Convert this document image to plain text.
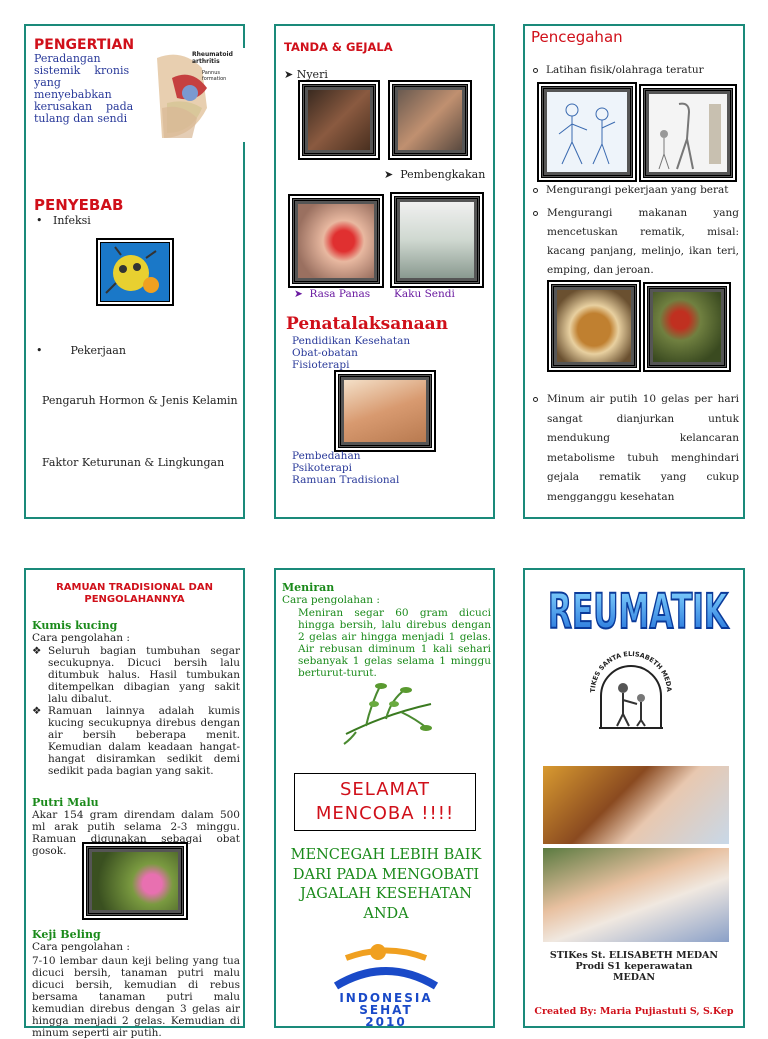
PENGERTIAN
Peradangan
sistemik    kronis
yang
menyebabkan
kerusakan    pada
tulang dan sendi
Rheumatoid arthritis
Pannus formation
PENYEBAB
•   Infeksi
•        Pekerjaan
Pengaruh Hormon & Jenis Kelamin
Faktor Keturunan & Lingkungan
TANDA & GEJALA
➤ Nyeri
➤  Pembengkakan
➤  Rasa Panas Kaku Sendi
Penatalaksanaan
Pendidikan Kesehatan
Obat-obatan
Fisioterapi
Pembedahan
Psikoterapi
Ramuan Tradisional
Pencegahan
Latihan fisik/olahraga teratur
Mengurangi pekerjaan yang berat
Mengurangi makanan yang mencetuskan rematik, misal: kacang panjang, melinjo, ikan teri, emping, dan jeroan.
Minum air putih 10 gelas per hari sangat dianjurkan untuk mendukung kelancaran metabolisme tubuh menghindari gejala rematik yang cukup mengganggu kesehatan
RAMUAN TRADISIONAL DAN
PENGOLAHANNYA
Kumis kucing
Cara pengolahan :
❖ Seluruh bagian tumbuhan segar secukupnya. Dicuci bersih lalu ditumbuk halus. Hasil tumbukan ditempelkan dibagian yang sakit lalu dibalut.
❖ Ramuan lainnya adalah kumis kucing secukupnya direbus dengan air bersih beberapa menit. Kemudian dalam keadaan hangat-hangat disiramkan sedikit demi sedikit pada bagian yang sakit.
Putri Malu
Akar 154 gram direndam dalam 500 ml arak putih selama 2-3 minggu. Ramuan digunakan sebagai obat gosok.
Keji Beling
Cara pengolahan :
7-10 lembar daun keji beling yang tua dicuci bersih, tanaman putri malu dicuci bersih, kemudian di rebus bersama tanaman putri malu kemudian direbus dengan 3 gelas air hingga menjadi 2 gelas. Kemudian di minum seperti air putih.
Meniran
Cara pengolahan :
Meniran segar 60 gram dicuci hingga bersih, lalu direbus dengan 2 gelas air hingga menjadi 1 gelas. Air rebusan diminum 1 kali sehari sebanyak 1 gelas selama 1 minggu berturut-turut.
SELAMAT
MENCOBA !!!!
MENCEGAH LEBIH BAIK DARI PADA MENGOBATI JAGALAH KESEHATAN ANDA
INDONESIA
SEHAT
2010
REUMATIK
TIKES SANTA ELISABETH MEDA
STIKes St. ELISABETH MEDAN
Prodi S1 keperawatan
MEDAN
Created By: Maria Pujiastuti S, S.Kep
